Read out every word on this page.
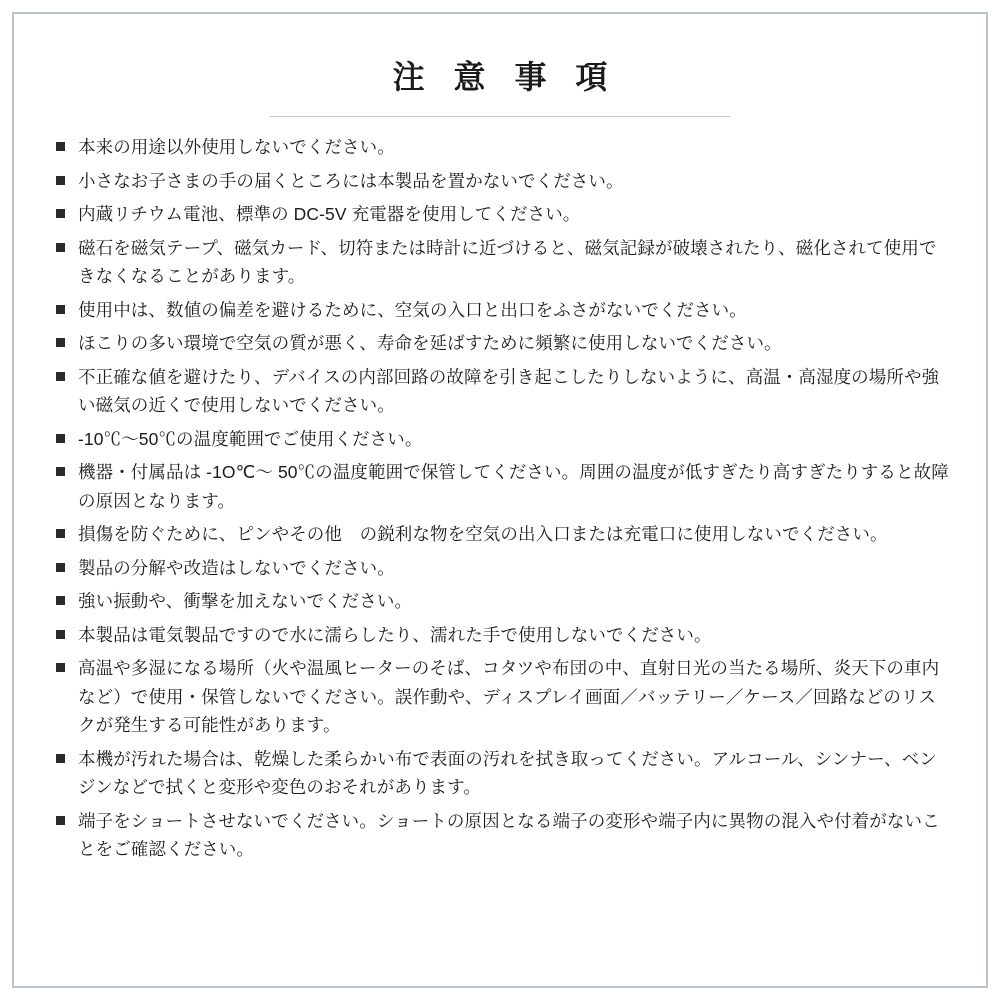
注 意 事 項
本来の用途以外使用しないでください。
小さなお子さまの手の届くところには本製品を置かないでください。
内蔵リチウム電池、標準の DC-5V 充電器を使用してください。
磁石を磁気テープ、磁気カード、切符または時計に近づけると、磁気記録が破壊されたり、磁化されて使用できなくなることがあります。
使用中は、数値の偏差を避けるために、空気の入口と出口をふさがないでください。
ほこりの多い環境で空気の質が悪く、寿命を延ばすために頻繁に使用しないでください。
不正確な値を避けたり、デバイスの内部回路の故障を引き起こしたりしないように、高温・高湿度の場所や強い磁気の近くで使用しないでください。
-10℃〜50℃の温度範囲でご使用ください。
機器・付属品は -1O℃〜 50℃の温度範囲で保管してください。周囲の温度が低すぎたり高すぎたりすると故障の原因となります。
損傷を防ぐために、ピンやその他　の鋭利な物を空気の出入口または充電口に使用しないでください。
製品の分解や改造はしないでください。
強い振動や、衝撃を加えないでください。
本製品は電気製品ですので水に濡らしたり、濡れた手で使用しないでください。
高温や多湿になる場所（火や温風ヒーターのそば、コタツや布団の中、直射日光の当たる場所、炎天下の車内など）で使用・保管しないでください。誤作動や、ディスプレイ画面／バッテリー／ケース／回路などのリスクが発生する可能性があります。
本機が汚れた場合は、乾燥した柔らかい布で表面の汚れを拭き取ってください。アルコール、シンナー、ベンジンなどで拭くと変形や変色のおそれがあります。
端子をショートさせないでください。ショートの原因となる端子の変形や端子内に異物の混入や付着がないことをご確認ください。
